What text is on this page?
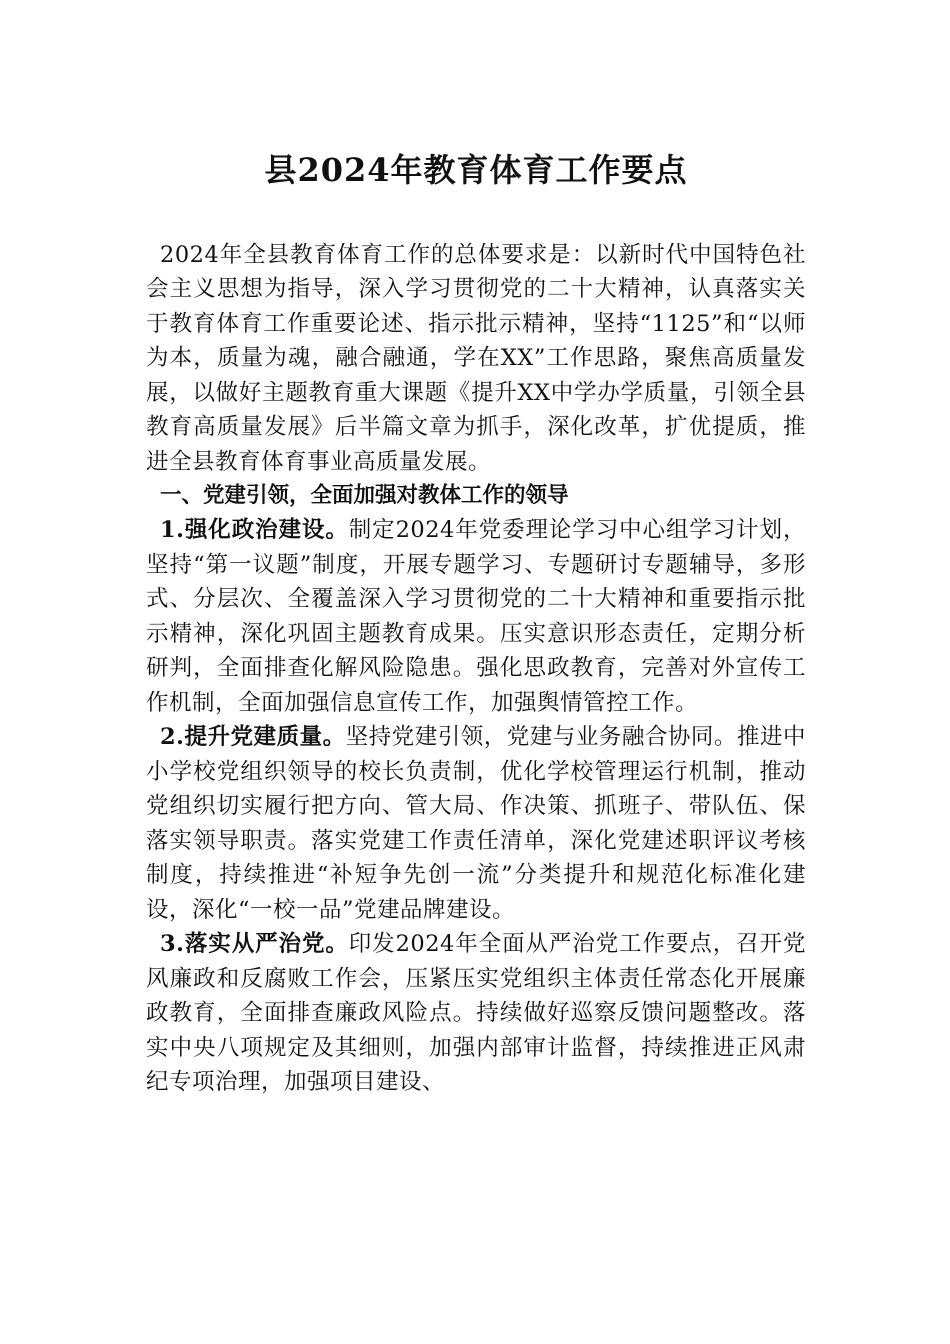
县2024年教育体育工作要点

2024年全县教育体育工作的总体要求是：以新时代中国特色社会主义思想为指导，深入学习贯彻党的二十大精神，认真落实关于教育体育工作重要论述、指示批示精神，坚持“1125”和“以师为本，质量为魂，融合融通，学在XX”工作思路，聚焦高质量发展，以做好主题教育重大课题《提升XX中学办学质量，引领全县教育高质量发展》后半篇文章为抓手，深化改革，扩优提质，推进全县教育体育事业高质量发展。

一、党建引领，全面加强对教体工作的领导

1.强化政治建设。制定2024年党委理论学习中心组学习计划，坚持“第一议题”制度，开展专题学习、专题研讨专题辅导，多形式、分层次、全覆盖深入学习贯彻党的二十大精神和重要指示批示精神，深化巩固主题教育成果。压实意识形态责任，定期分析研判，全面排查化解风险隐患。强化思政教育，完善对外宣传工作机制，全面加强信息宣传工作，加强舆情管控工作。

2.提升党建质量。坚持党建引领，党建与业务融合协同。推进中小学校党组织领导的校长负责制，优化学校管理运行机制，推动党组织切实履行把方向、管大局、作决策、抓班子、带队伍、保落实领导职责。落实党建工作责任清单，深化党建述职评议考核制度，持续推进“补短争先创一流”分类提升和规范化标准化建设，深化“一校一品”党建品牌建设。

3.落实从严治党。印发2024年全面从严治党工作要点，召开党风廉政和反腐败工作会，压紧压实党组织主体责任常态化开展廉政教育，全面排查廉政风险点。持续做好巡察反馈问题整改。落实中央八项规定及其细则，加强内部审计监督，持续推进正风肃纪专项治理，加强项目建设、
